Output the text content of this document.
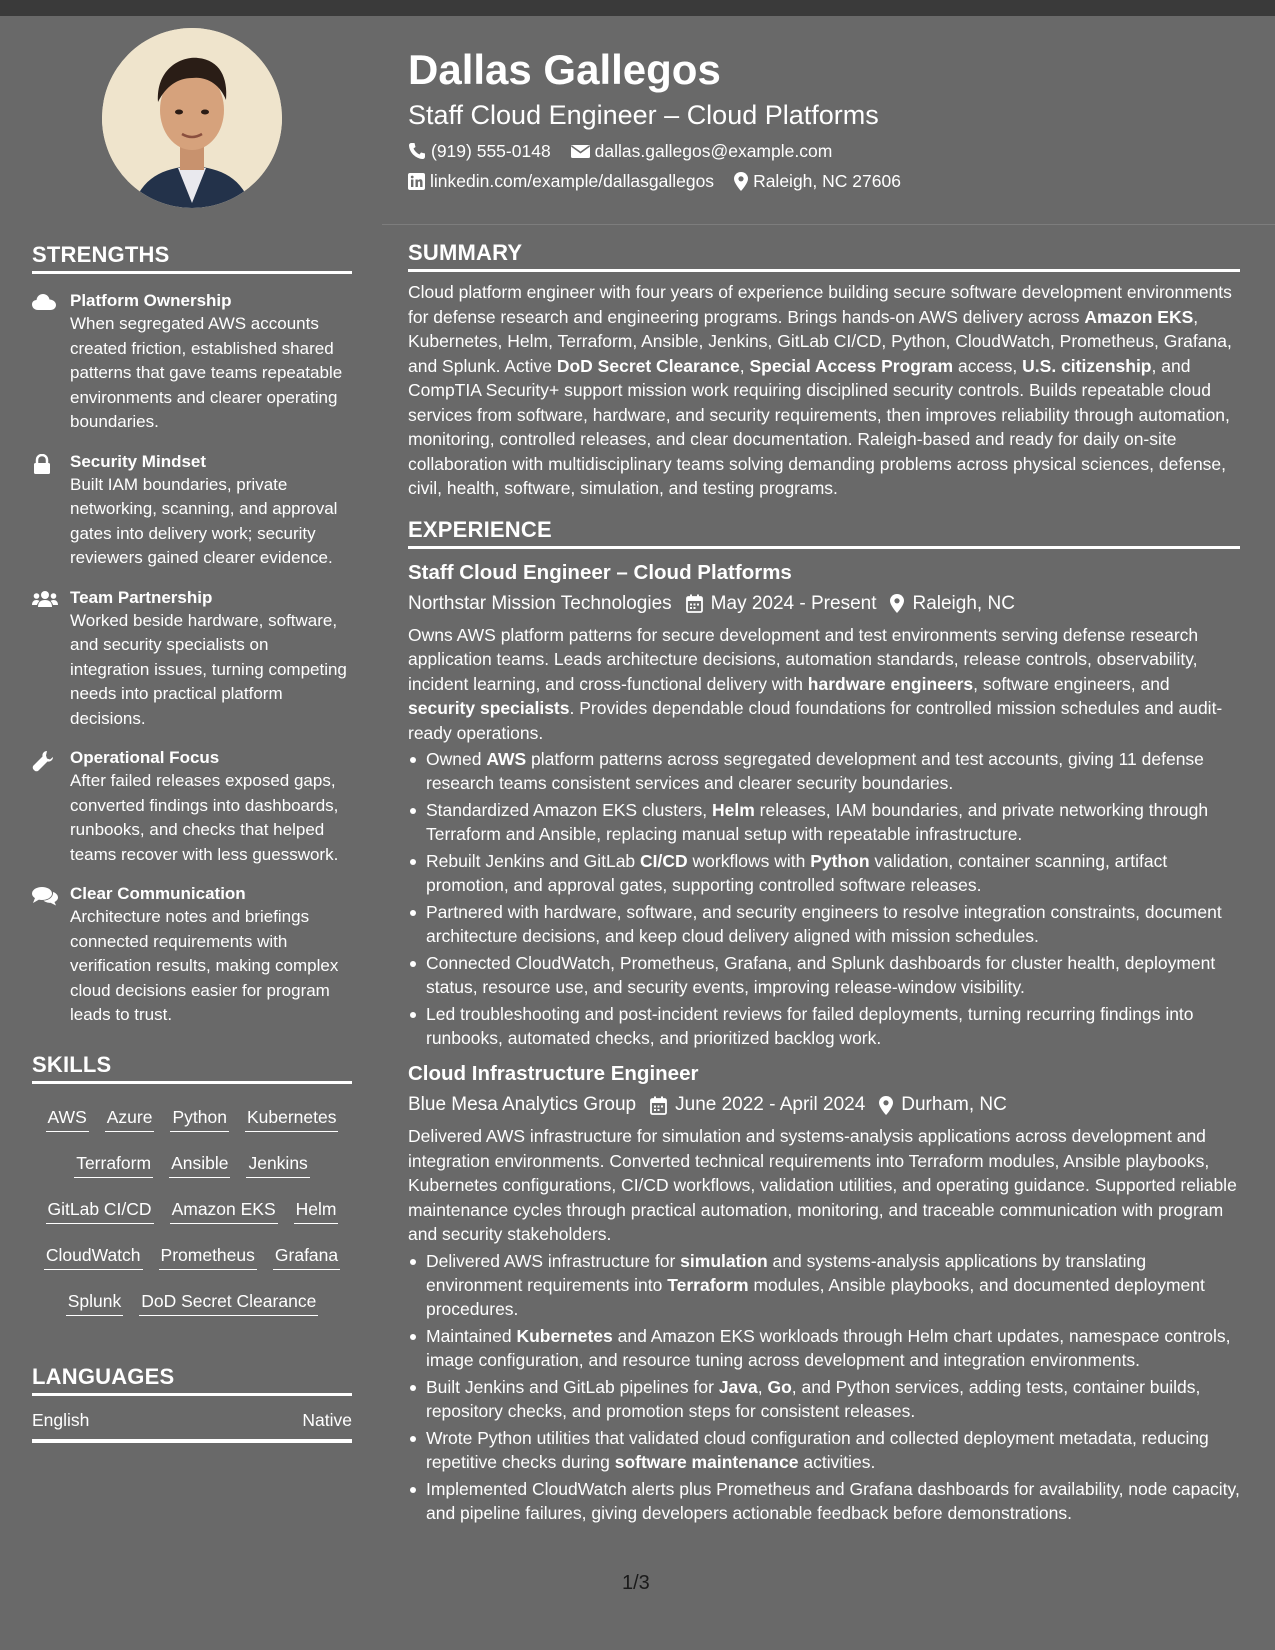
STRENGTHS
Platform Ownership
When segregated AWS accounts created friction, established shared patterns that gave teams repeatable environments and clearer operating boundaries.
Security Mindset
Built IAM boundaries, private networking, scanning, and approval gates into delivery work; security reviewers gained clearer evidence.
Team Partnership
Worked beside hardware, software, and security specialists on integration issues, turning competing needs into practical platform decisions.
Operational Focus
After failed releases exposed gaps, converted findings into dashboards, runbooks, and checks that helped teams recover with less guesswork.
Clear Communication
Architecture notes and briefings connected requirements with verification results, making complex cloud decisions easier for program leads to trust.
SKILLS
AWS Azure Python Kubernetes
Terraform Ansible Jenkins
GitLab CI/CD Amazon EKS Helm
CloudWatch Prometheus Grafana
Splunk DoD Secret Clearance
LANGUAGES
English	Native
Dallas Gallegos
Staff Cloud Engineer – Cloud Platforms
(919) 555-0148	dallas.gallegos@example.com
linkedin.com/example/dallasgallegos Raleigh, NC 27606
SUMMARY
Cloud platform engineer with four years of experience building secure software development environments for defense research and engineering programs. Brings hands-on AWS delivery across Amazon EKS, Kubernetes, Helm, Terraform, Ansible, Jenkins, GitLab CI/CD, Python, CloudWatch, Prometheus, Grafana, and Splunk. Active DoD Secret Clearance, Special Access Program access, U.S. citizenship, and CompTIA Security+ support mission work requiring disciplined security controls. Builds repeatable cloud services from software, hardware, and security requirements, then improves reliability through automation, monitoring, controlled releases, and clear documentation. Raleigh-based and ready for daily on-site collaboration with multidisciplinary teams solving demanding problems across physical sciences, defense, civil, health, software, simulation, and testing programs.
EXPERIENCE
Staff Cloud Engineer – Cloud Platforms
Northstar Mission Technologies May 2024 - Present Raleigh, NC
Owns AWS platform patterns for secure development and test environments serving defense research application teams. Leads architecture decisions, automation standards, release controls, observability, incident learning, and cross-functional delivery with hardware engineers, software engineers, and security specialists. Provides dependable cloud foundations for controlled mission schedules and audit-ready operations.
Owned AWS platform patterns across segregated development and test accounts, giving 11 defense research teams consistent services and clearer security boundaries.
Standardized Amazon EKS clusters, Helm releases, IAM boundaries, and private networking through Terraform and Ansible, replacing manual setup with repeatable infrastructure.
Rebuilt Jenkins and GitLab CI/CD workflows with Python validation, container scanning, artifact promotion, and approval gates, supporting controlled software releases.
Partnered with hardware, software, and security engineers to resolve integration constraints, document architecture decisions, and keep cloud delivery aligned with mission schedules.
Connected CloudWatch, Prometheus, Grafana, and Splunk dashboards for cluster health, deployment status, resource use, and security events, improving release-window visibility.
Led troubleshooting and post-incident reviews for failed deployments, turning recurring findings into runbooks, automated checks, and prioritized backlog work.
Cloud Infrastructure Engineer
Blue Mesa Analytics Group June 2022 - April 2024 Durham, NC
Delivered AWS infrastructure for simulation and systems-analysis applications across development and integration environments. Converted technical requirements into Terraform modules, Ansible playbooks, Kubernetes configurations, CI/CD workflows, validation utilities, and operating guidance. Supported reliable maintenance cycles through practical automation, monitoring, and traceable communication with program and security stakeholders.
Delivered AWS infrastructure for simulation and systems-analysis applications by translating environment requirements into Terraform modules, Ansible playbooks, and documented deployment procedures.
Maintained Kubernetes and Amazon EKS workloads through Helm chart updates, namespace controls, image configuration, and resource tuning across development and integration environments.
Built Jenkins and GitLab pipelines for Java, Go, and Python services, adding tests, container builds, repository checks, and promotion steps for consistent releases.
Wrote Python utilities that validated cloud configuration and collected deployment metadata, reducing repetitive checks during software maintenance activities.
Implemented CloudWatch alerts plus Prometheus and Grafana dashboards for availability, node capacity, and pipeline failures, giving developers actionable feedback before demonstrations.
1/3
